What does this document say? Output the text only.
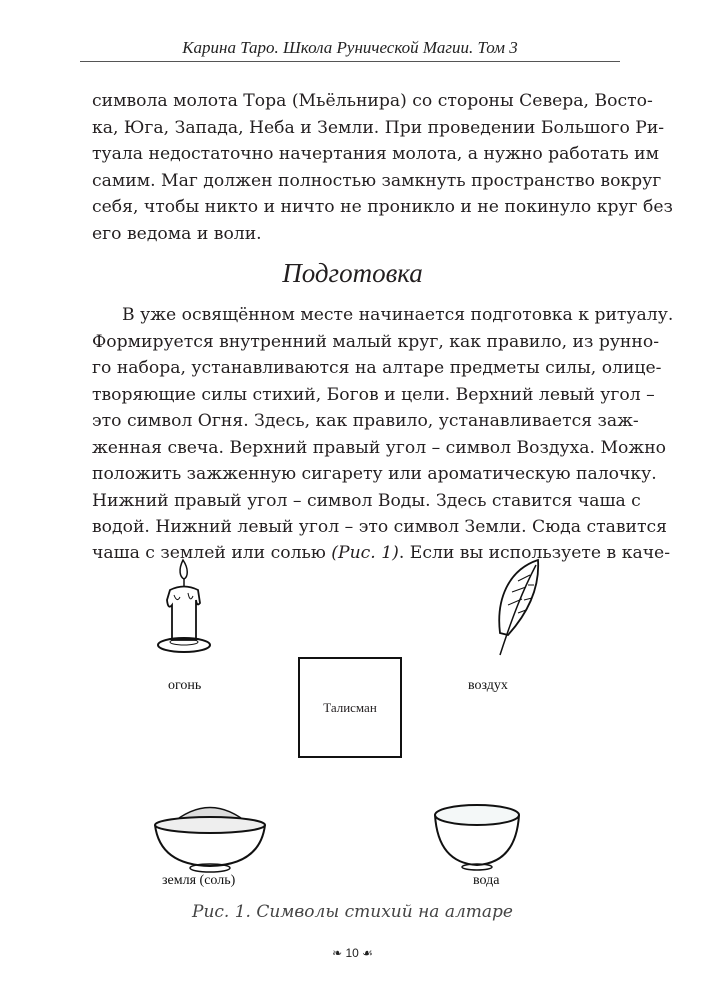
Карина Таро. Школа Рунической Магии. Том 3
символа молота Тора (Мьёльнира) со стороны Севера, Восто-
ка, Юга, Запада, Неба и Земли. При проведении Большого Ри-
туала недостаточно начертания молота, а нужно работать им
самим. Маг должен полностью замкнуть пространство вокруг
себя, чтобы никто и ничто не проникло и не покинуло круг без
его ведома и воли.
Подготовка
В уже освящённом месте начинается подготовка к ритуалу.
Формируется внутренний малый круг, как правило, из рунно-
го набора, устанавливаются на алтаре предметы силы, олице-
творяющие силы стихий, Богов и цели. Верхний левый угол –
это символ Огня. Здесь, как правило, устанавливается заж-
женная свеча. Верхний правый угол – символ Воздуха. Можно
положить зажженную сигарету или ароматическую палочку.
Нижний правый угол – символ Воды. Здесь ставится чаша с
водой. Нижний левый угол – это символ Земли. Сюда ставится
чаша с землей или солью (Рис. 1). Если вы используете в каче-
огонь	воздух
Талисман
земля (соль)	вода
Рис. 1. Символы стихий на алтаре
❧ 10 ☙
